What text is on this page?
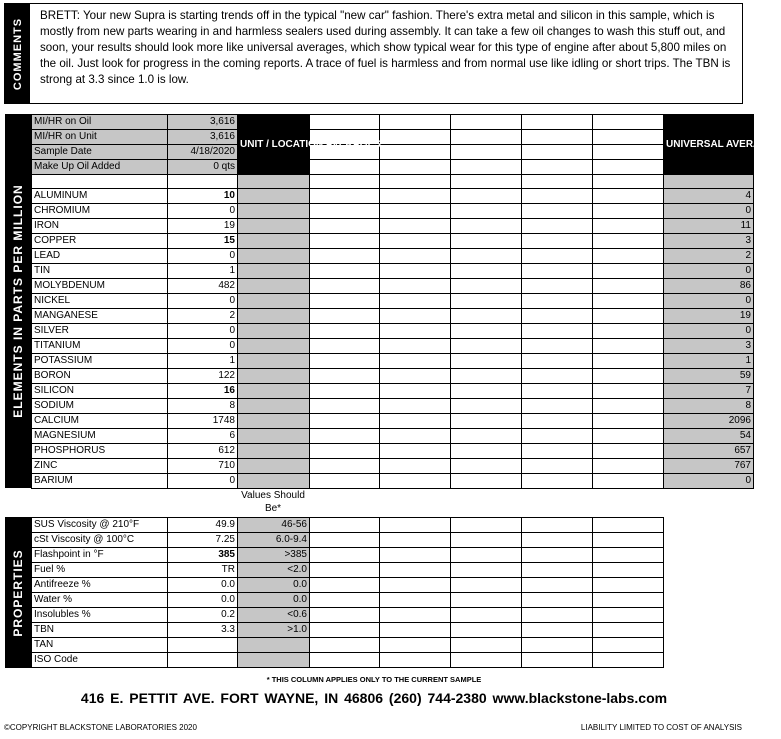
COMMENTS
BRETT: Your new Supra is starting trends off in the typical "new car" fashion. There's extra metal and silicon in this sample, which is mostly from new parts wearing in and harmless sealers used during assembly. It can take a few oil changes to wash this stuff out, and soon, your results should look more like universal averages, which show typical wear for this type of engine after about 5,800 miles on the oil. Just look for progress in the coming reports. A trace of fuel is harmless and from normal use like idling or short trips. The TBN is strong at 3.3 since 1.0 is low.
ELEMENTS IN PARTS PER MILLION
MI/HR on Oil	3,616	UNIT / LOCATION AVERAGES						UNIVERSAL AVERAGES
MI/HR on Unit	3,616							
Sample Date	4/18/2020							
Make Up Oil Added	0 qts							

ALUMINUM	10							4
CHROMIUM	0							0
IRON	19							11
COPPER	15							3
LEAD	0							2
TIN	1							0
MOLYBDENUM	482							86
NICKEL	0							0
MANGANESE	2							19
SILVER	0							0
TITANIUM	0							3
POTASSIUM	1							1
BORON	122							59
SILICON	16							7
SODIUM	8							8
CALCIUM	1748							2096
MAGNESIUM	6							54
PHOSPHORUS	612							657
ZINC	710							767
BARIUM	0							0
Values Should Be*
PROPERTIES
SUS Viscosity @ 210°F	49.9	46-56					
cSt Viscosity @ 100°C	7.25	6.0-9.4					
Flashpoint in °F	385	>385					
Fuel %	TR	<2.0					
Antifreeze %	0.0	0.0					
Water %	0.0	0.0					
Insolubles %	0.2	<0.6					
TBN	3.3	>1.0					
TAN							
ISO Code							
* THIS COLUMN APPLIES ONLY TO THE CURRENT SAMPLE
416 E. PETTIT AVE. FORT WAYNE, IN 46806 (260) 744-2380 www.blackstone-labs.com
©COPYRIGHT BLACKSTONE LABORATORIES 2020	LIABILITY LIMITED TO COST OF ANALYSIS
